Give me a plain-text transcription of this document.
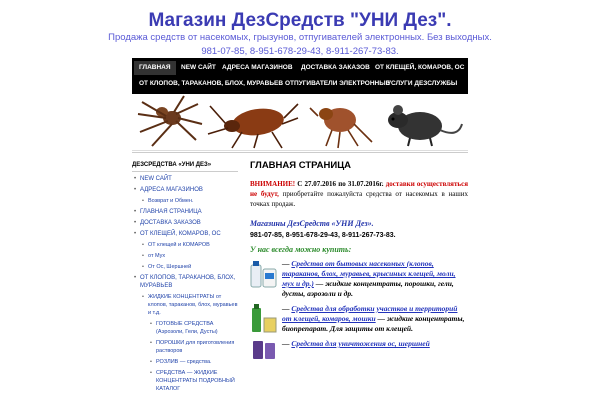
Магазин ДезСредств "УНИ Дез".
Продажа средств от насекомых, грызунов, отпугивателей электронных. Без выходных.
981-07-85, 8-951-678-29-43, 8-911-267-73-83.
ГЛАВНАЯ	NEW САЙТ АДРЕСА МАГАЗИНОВ	ДОСТАВКА ЗАКАЗОВ ОТ КЛЕЩЕЙ, КОМАРОВ, ОС
ОТ КЛОПОВ, ТАРАКАНОВ, БЛОХ, МУРАВЬЕВ ОТПУГИВАТЕЛИ ЭЛЕКТРОННЫЕ
УСЛУГИ ДЕЗСЛУЖБЫ
ДЕЗСРЕДСТВА «УНИ ДЕЗ»
• NEW САЙТ
• АДРЕСА МАГАЗИНОВ
• Возврат и Обмен.
• ГЛАВНАЯ СТРАНИЦА
• ДОСТАВКА ЗАКАЗОВ
• ОТ КЛЕЩЕЙ, КОМАРОВ, ОС
• ОТ клещей и КОМАРОВ
• от Мух
• От Ос, Шершней
• ОТ КЛОПОВ, ТАРАКАНОВ, БЛОХ, МУРАВЬЕВ
• ЖИДКИЕ КОНЦЕНТРАТЫ от клопов, тараканов, блох, муравьев и т.д.
• ГОТОВЫЕ СРЕДСТВА (Аэрозоли, Гели, Дусты)
• ПОРОШКИ для приготовления растворов
• РОЗЛИВ — средства.
• СРЕДСТВА — ЖИДКИЕ КОНЦЕНТРАТЫ ПОДРОБНЫЙ КАТАЛОГ
ГЛАВНАЯ СТРАНИЦА
ВНИМАНИЕ! С 27.07.2016 по 31.07.2016г. доставки осуществляться не будут, приобретайте пожалуйста средства от насекомых в наших точках продаж.
Магазины ДезСредств «УНИ Дез».
981-07-85, 8-951-678-29-43, 8-911-267-73-83.
У нас всегда можно купить:
— Средства от бытовых насекомых (клопов, тараканов, блох, муравьев, крысиных клещей, моли, мух и др.) — жидкие концентраты, порошки, гели, дусты, аэрозоли и др.
— Средства для обработки участков и территорий от клещей, комаров, мошки — жидкие концентраты, биопрепарат. Для защиты от клещей.
— Средства для уничтожения ос, шершней
